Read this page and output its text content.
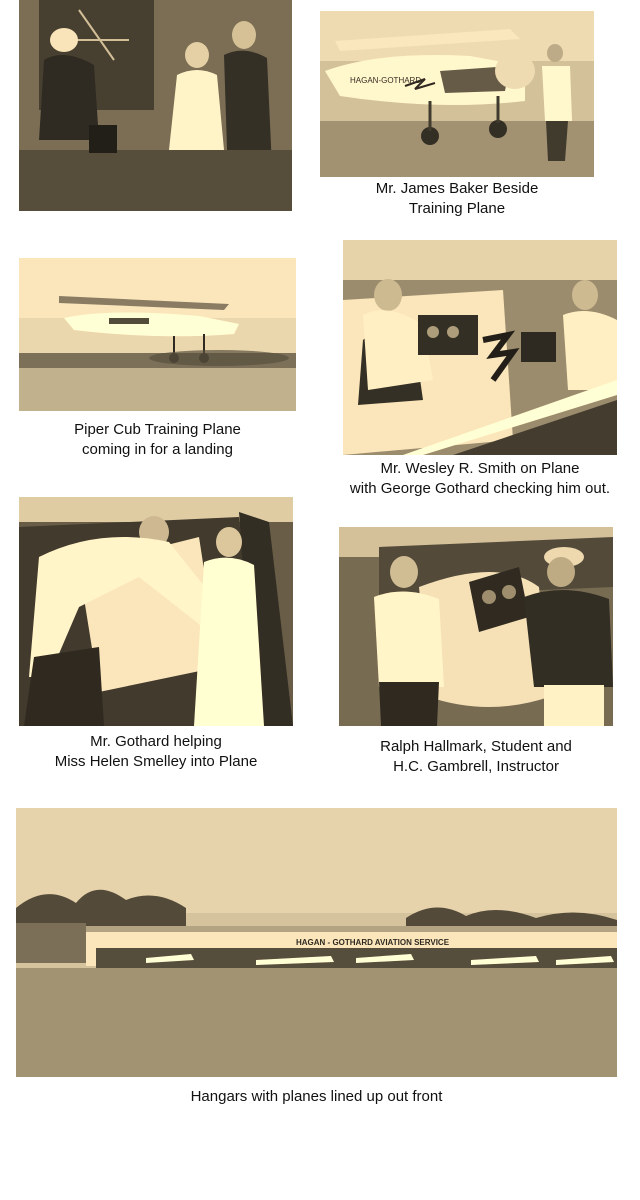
HAGAN-GOTHARD
Mr. James Baker Beside
Training Plane
Piper Cub Training Plane
coming in for a landing
Mr. Wesley R. Smith on Plane
with George Gothard checking him out.
Mr. Gothard helping
Miss Helen Smelley into Plane
Ralph Hallmark, Student and
H.C. Gambrell, Instructor
HAGAN - GOTHARD AVIATION SERVICE
Hangars with planes lined up out front
